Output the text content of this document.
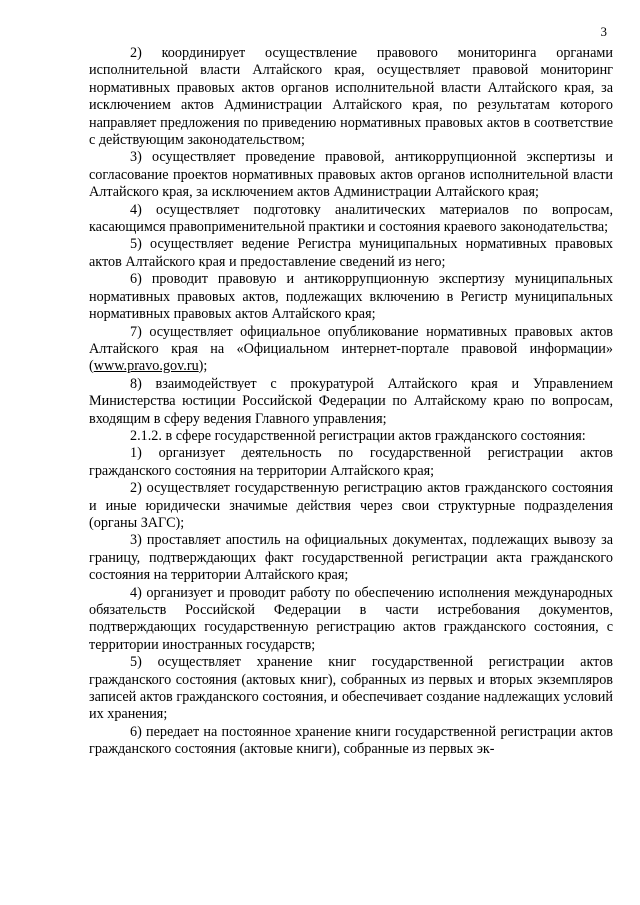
3

2) координирует осуществление правового мониторинга органами исполнительной власти Алтайского края, осуществляет правовой мониторинг нормативных правовых актов органов исполнительной власти Алтайского края, за исключением актов Администрации Алтайского края, по результатам которого направляет предложения по приведению нормативных правовых актов в соответствие с действующим законодательством;

3) осуществляет проведение правовой, антикоррупционной экспертизы и согласование проектов нормативных правовых актов органов исполнительной власти Алтайского края, за исключением актов Администрации Алтайского края;

4) осуществляет подготовку аналитических материалов по вопросам, касающимся правоприменительной практики и состояния краевого законодательства;

5) осуществляет ведение Регистра муниципальных нормативных правовых актов Алтайского края и предоставление сведений из него;

6) проводит правовую и антикоррупционную экспертизу муниципальных нормативных правовых актов, подлежащих включению в Регистр муниципальных нормативных правовых актов Алтайского края;

7) осуществляет официальное опубликование нормативных правовых актов Алтайского края на «Официальном интернет-портале правовой информации» (www.pravo.gov.ru);

8) взаимодействует с прокуратурой Алтайского края и Управлением Министерства юстиции Российской Федерации по Алтайскому краю по вопросам, входящим в сферу ведения Главного управления;

2.1.2. в сфере государственной регистрации актов гражданского состояния:

1) организует деятельность по государственной регистрации актов гражданского состояния на территории Алтайского края;

2) осуществляет государственную регистрацию актов гражданского состояния и иные юридически значимые действия через свои структурные подразделения (органы ЗАГС);

3) проставляет апостиль на официальных документах, подлежащих вывозу за границу, подтверждающих факт государственной регистрации акта гражданского состояния на территории Алтайского края;

4) организует и проводит работу по обеспечению исполнения международных обязательств Российской Федерации в части истребования документов, подтверждающих государственную регистрацию актов гражданского состояния, с территории иностранных государств;

5) осуществляет хранение книг государственной регистрации актов гражданского состояния (актовых книг), собранных из первых и вторых экземпляров записей актов гражданского состояния, и обеспечивает создание надлежащих условий их хранения;

6) передает на постоянное хранение книги государственной регистрации актов гражданского состояния (актовые книги), собранные из первых эк-
